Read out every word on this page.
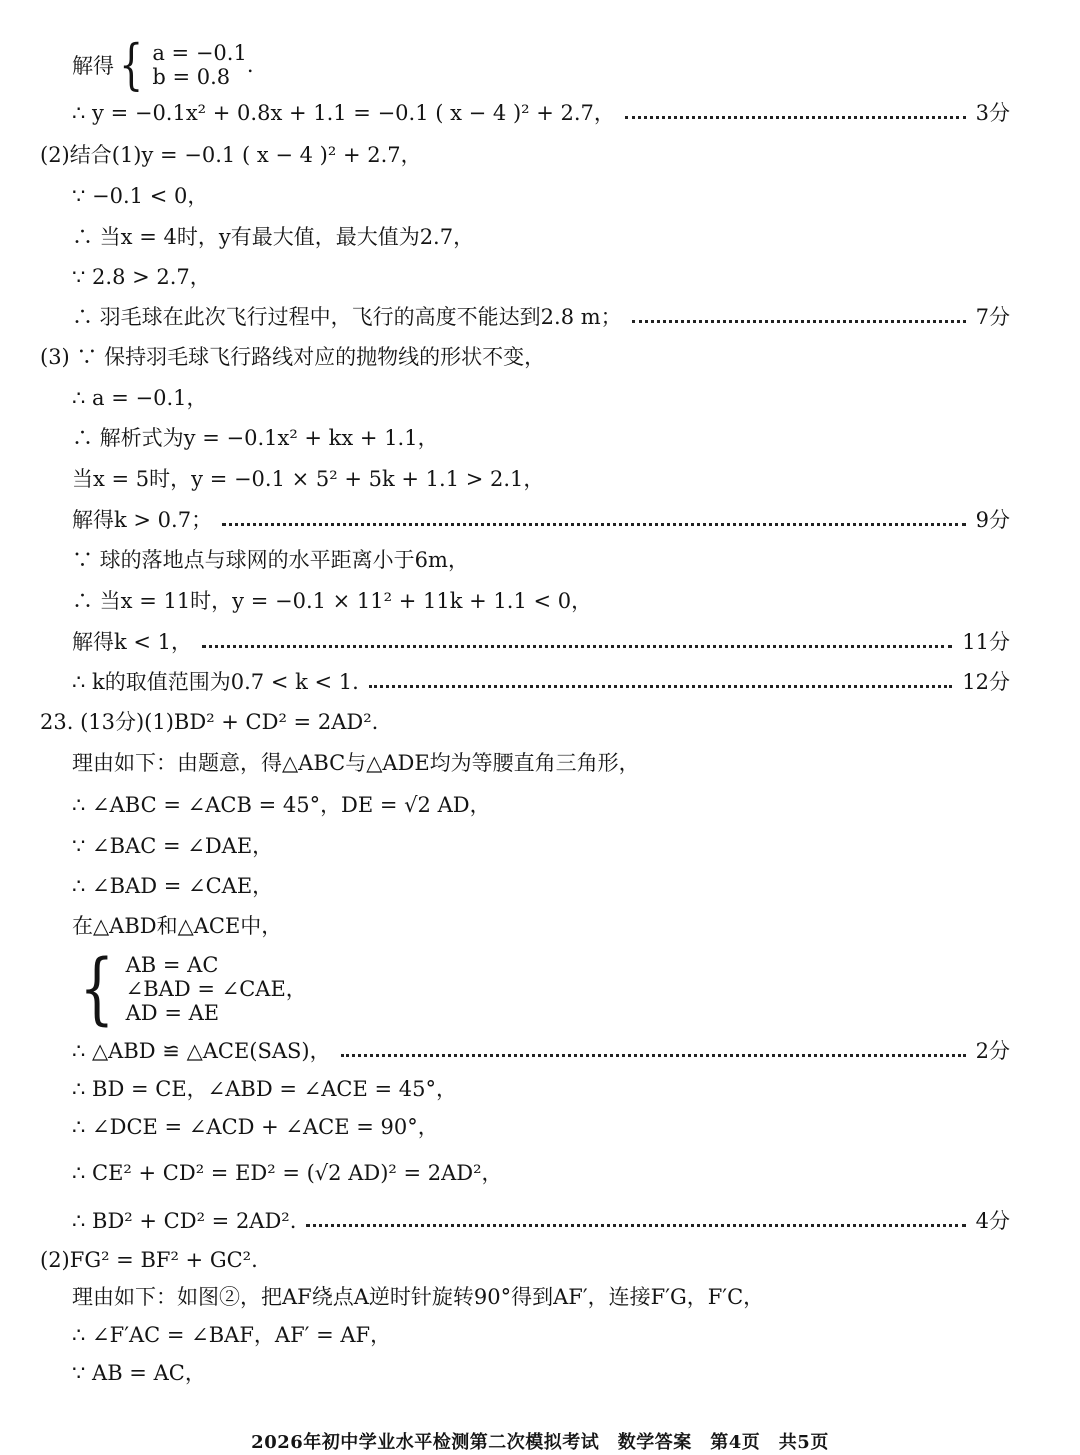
解得 { a = −0.1
b = 0.8 .
∴ y = −0.1x² + 0.8x + 1.1 = −0.1 ( x − 4 )² + 2.7，	3分
(2)结合(1)y = −0.1 ( x − 4 )² + 2.7，
∵ −0.1 < 0，
∴ 当x = 4时，y有最大值，最大值为2.7，
∵ 2.8 > 2.7，
∴ 羽毛球在此次飞行过程中，飞行的高度不能达到2.8 m；	7分
(3) ∵ 保持羽毛球飞行路线对应的抛物线的形状不变，
∴ a = −0.1，
∴ 解析式为y = −0.1x² + kx + 1.1，
当x = 5时，y = −0.1 × 5² + 5k + 1.1 > 2.1，
解得k > 0.7；	9分
∵ 球的落地点与球网的水平距离小于6m，
∴ 当x = 11时，y = −0.1 × 11² + 11k + 1.1 < 0，
解得k < 1，	11分
∴ k的取值范围为0.7 < k < 1.	12分
23. (13分)(1)BD² + CD² = 2AD².
理由如下：由题意，得△ABC与△ADE均为等腰直角三角形，
∴ ∠ABC = ∠ACB = 45°，DE = √2 AD，
∵ ∠BAC = ∠DAE，
∴ ∠BAD = ∠CAE，
在△ABD和△ACE中，
{ AB = AC
∠BAD = ∠CAE，
AD = AE
∴ △ABD ≌ △ACE(SAS)，	2分
∴ BD = CE，∠ABD = ∠ACE = 45°，
∴ ∠DCE = ∠ACD + ∠ACE = 90°，
∴ CE² + CD² = ED² = (√2 AD)² = 2AD²，
∴ BD² + CD² = 2AD².	4分
(2)FG² = BF² + GC².
理由如下：如图②，把AF绕点A逆时针旋转90°得到AF′，连接F′G，F′C，
∴ ∠F′AC = ∠BAF，AF′ = AF，
∵ AB = AC，
2026年初中学业水平检测第二次模拟考试　数学答案　第4页　共5页
